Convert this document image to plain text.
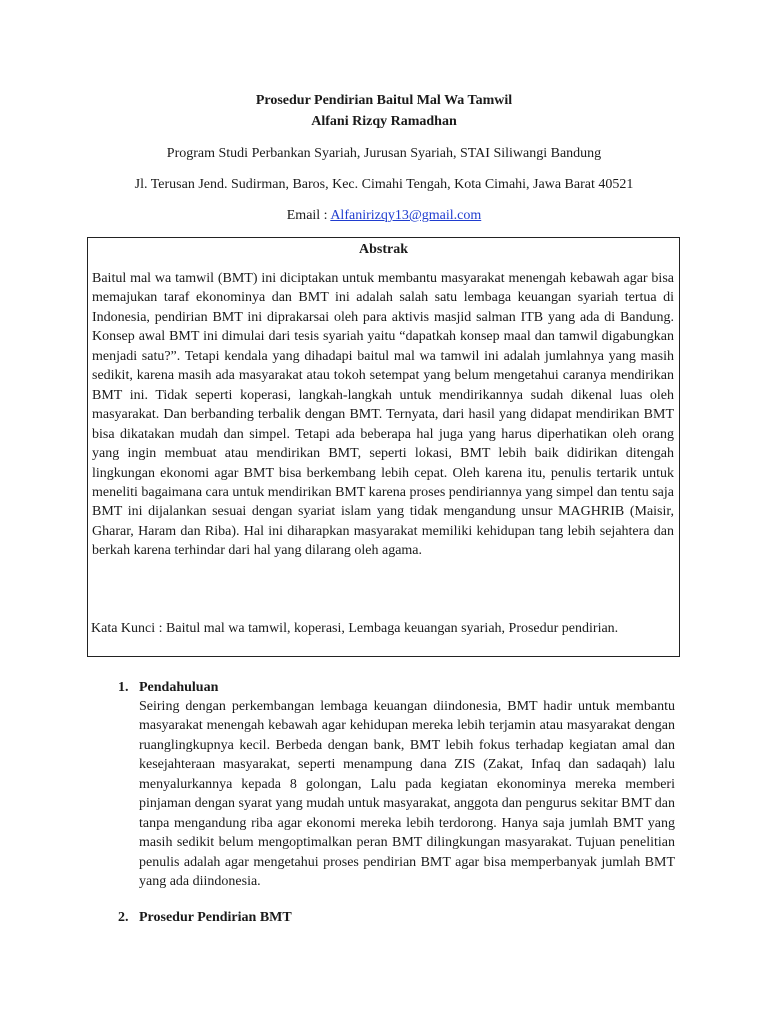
Prosedur Pendirian Baitul Mal Wa Tamwil
Alfani Rizqy Ramadhan
Program Studi Perbankan Syariah, Jurusan Syariah, STAI Siliwangi Bandung
Jl. Terusan Jend. Sudirman, Baros, Kec. Cimahi Tengah, Kota Cimahi, Jawa Barat 40521
Email : Alfanirizqy13@gmail.com
Abstrak

Baitul mal wa tamwil (BMT) ini diciptakan untuk membantu masyarakat menengah kebawah agar bisa memajukan taraf ekonominya dan BMT ini adalah salah satu lembaga keuangan syariah tertua di Indonesia, pendirian BMT ini diprakarsai oleh para aktivis masjid salman ITB yang ada di Bandung. Konsep awal BMT ini dimulai dari tesis syariah yaitu “dapatkah konsep maal dan tamwil digabungkan menjadi satu?”. Tetapi kendala yang dihadapi baitul mal wa tamwil ini adalah jumlahnya yang masih sedikit, karena masih ada masyarakat atau tokoh setempat yang belum mengetahui caranya mendirikan BMT ini. Tidak seperti koperasi, langkah-langkah untuk mendirikannya sudah dikenal luas oleh masyarakat. Dan berbanding terbalik dengan BMT. Ternyata, dari hasil yang didapat mendirikan BMT bisa dikatakan mudah dan simpel. Tetapi ada beberapa hal juga yang harus diperhatikan oleh orang yang ingin membuat atau mendirikan BMT, seperti lokasi, BMT lebih baik didirikan ditengah lingkungan ekonomi agar BMT bisa berkembang lebih cepat. Oleh karena itu, penulis tertarik untuk meneliti bagaimana cara untuk mendirikan BMT karena proses pendiriannya yang simpel dan tentu saja BMT ini dijalankan sesuai dengan syariat islam yang tidak mengandung unsur MAGHRIB (Maisir, Gharar, Haram dan Riba). Hal ini diharapkan masyarakat memiliki kehidupan tang lebih sejahtera dan berkah karena terhindar dari hal yang dilarang oleh agama.

Kata Kunci : Baitul mal wa tamwil, koperasi, Lembaga keuangan syariah, Prosedur pendirian.

1. Pendahuluan

Seiring dengan perkembangan lembaga keuangan diindonesia, BMT hadir untuk membantu masyarakat menengah kebawah agar kehidupan mereka lebih terjamin atau masyarakat dengan ruanglingkupnya kecil. Berbeda dengan bank, BMT lebih fokus terhadap kegiatan amal dan kesejahteraan masyarakat, seperti menampung dana ZIS (Zakat, Infaq dan sadaqah) lalu menyalurkannya kepada 8 golongan, Lalu pada kegiatan ekonominya mereka memberi pinjaman dengan syarat yang mudah untuk masyarakat, anggota dan pengurus sekitar BMT dan tanpa mengandung riba agar ekonomi mereka lebih terdorong. Hanya saja jumlah BMT yang masih sedikit belum mengoptimalkan peran BMT dilingkungan masyarakat. Tujuan penelitian penulis adalah agar mengetahui proses pendirian BMT agar bisa memperbanyak jumlah BMT yang ada diindonesia.

2. Prosedur Pendirian BMT
